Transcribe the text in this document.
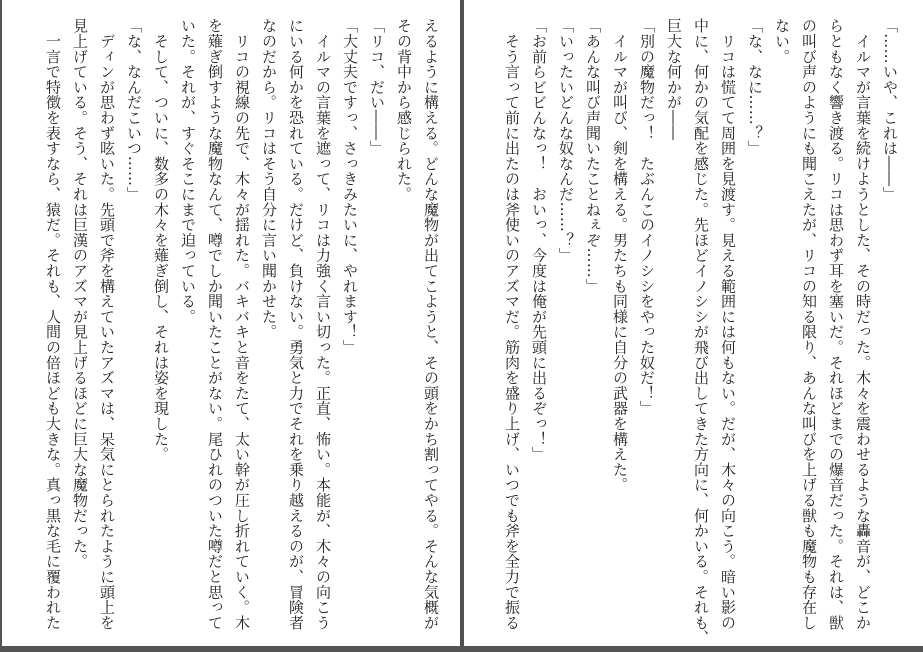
えるように構える。どんな魔物が出てこようと、その頭をかち割ってやる。そんな気概が
その背中から感じられた。
「リコ、だい――」
「大丈夫ですっ、さっきみたいに、やれます！」
　イルマの言葉を遮って、リコは力強く言い切った。正直、怖い。本能が、木々の向こう
にいる何かを恐れている。だけど、負けない。勇気と力でそれを乗り越えるのが、冒険者
なのだから。リコはそう自分に言い聞かせた。
　リコの視線の先で、木々が揺れた。バキバキと音をたて、太い幹が圧し折れていく。木
を薙ぎ倒すような魔物なんて、噂でしか聞いたことがない。尾ひれのついた噂だと思って
いた。それが、すぐそこにまで迫っている。
　そして、ついに、数多の木々を薙ぎ倒し、それは姿を現した。
「な、なんだこいつ……」
　ディンが思わず呟いた。先頭で斧を構えていたアズマは、呆気にとられたように頭上を
見上げている。そう、それは巨漢のアズマが見上げるほどに巨大な魔物だった。
　一言で特徴を表すなら、猿だ。それも、人間の倍ほども大きな。真っ黒な毛に覆われた	「……いや、これは――」
　イルマが言葉を続けようとした、その時だった。木々を震わせるような轟音が、どこか
らともなく響き渡る。リコは思わず耳を塞いだ。それほどまでの爆音だった。それは、獣
の叫び声のようにも聞こえたが、リコの知る限り、あんな叫びを上げる獣も魔物も存在し
ない。
「な、なに……？」
　リコは慌てて周囲を見渡す。見える範囲には何もない。だが、木々の向こう。暗い影の
中に、何かの気配を感じた。先ほどイノシシが飛び出してきた方向に、何かいる。それも、
巨大な何かが――
「別の魔物だっ！　たぶんこのイノシシをやった奴だ！」
　イルマが叫び、剣を構える。男たちも同様に自分の武器を構えた。
「あんな叫び声聞いたことねぇぞ……」
「いったいどんな奴なんだ……？」
「お前らビビんなっ！　おいっ、今度は俺が先頭に出るぞっ！」
　そう言って前に出たのは斧使いのアズマだ。筋肉を盛り上げ、いつでも斧を全力で振る
